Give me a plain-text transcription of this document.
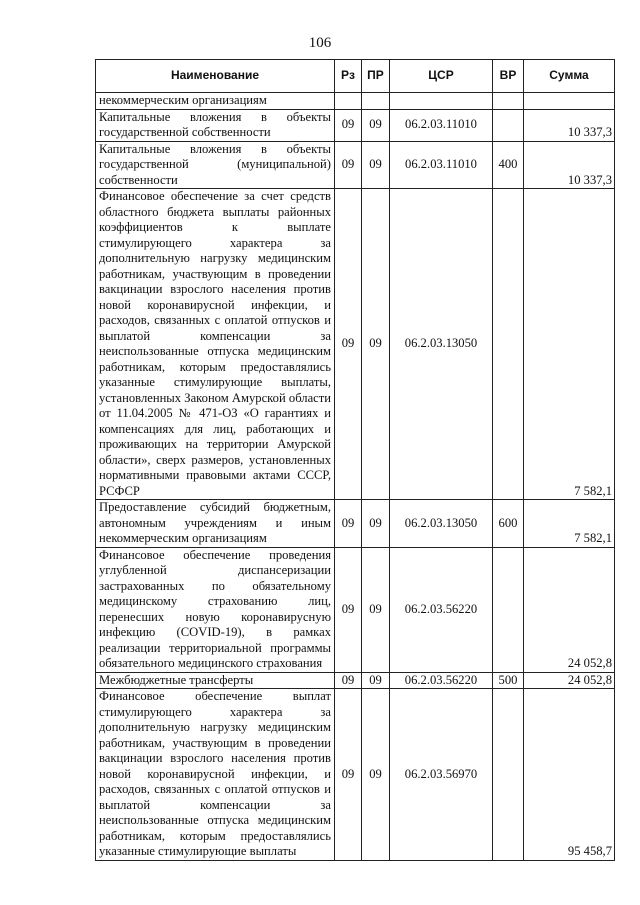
106
Наименование	Рз	ПР	ЦСР	ВР	Сумма
некоммерческим организациям					
Капитальные вложения в объекты государственной собственности	09	09	06.2.03.11010		10 337,3
Капитальные вложения в объекты государственной (муниципальной) собственности	09	09	06.2.03.11010	400	10 337,3
Финансовое обеспечение за счет средств областного бюджета выплаты районных коэффициентов к выплате стимулирующего характера за дополнительную нагрузку медицинским работникам, участвующим в проведении вакцинации взрослого населения против новой коронавирусной инфекции, и расходов, связанных с оплатой отпусков и выплатой компенсации за неиспользованные отпуска медицинским работникам, которым предоставлялись указанные стимулирующие выплаты, установленных Законом Амурской области от 11.04.2005 № 471-ОЗ «О гарантиях и компенсациях для лиц, работающих и проживающих на территории Амурской области», сверх размеров, установленных нормативными правовыми актами СССР, РСФСР	09	09	06.2.03.13050		7 582,1
Предоставление субсидий бюджетным, автономным учреждениям и иным некоммерческим организациям	09	09	06.2.03.13050	600	7 582,1
Финансовое обеспечение проведения углубленной диспансеризации застрахованных по обязательному медицинскому страхованию лиц, перенесших новую коронавирусную инфекцию (COVID-19), в рамках реализации территориальной программы обязательного медицинского страхования	09	09	06.2.03.56220		24 052,8
Межбюджетные трансферты	09	09	06.2.03.56220	500	24 052,8
Финансовое обеспечение выплат стимулирующего характера за дополнительную нагрузку медицинским работникам, участвующим в проведении вакцинации взрослого населения против новой коронавирусной инфекции, и расходов, связанных с оплатой отпусков и выплатой компенсации за неиспользованные отпуска медицинским работникам, которым предоставлялись указанные стимулирующие выплаты	09	09	06.2.03.56970		95 458,7
